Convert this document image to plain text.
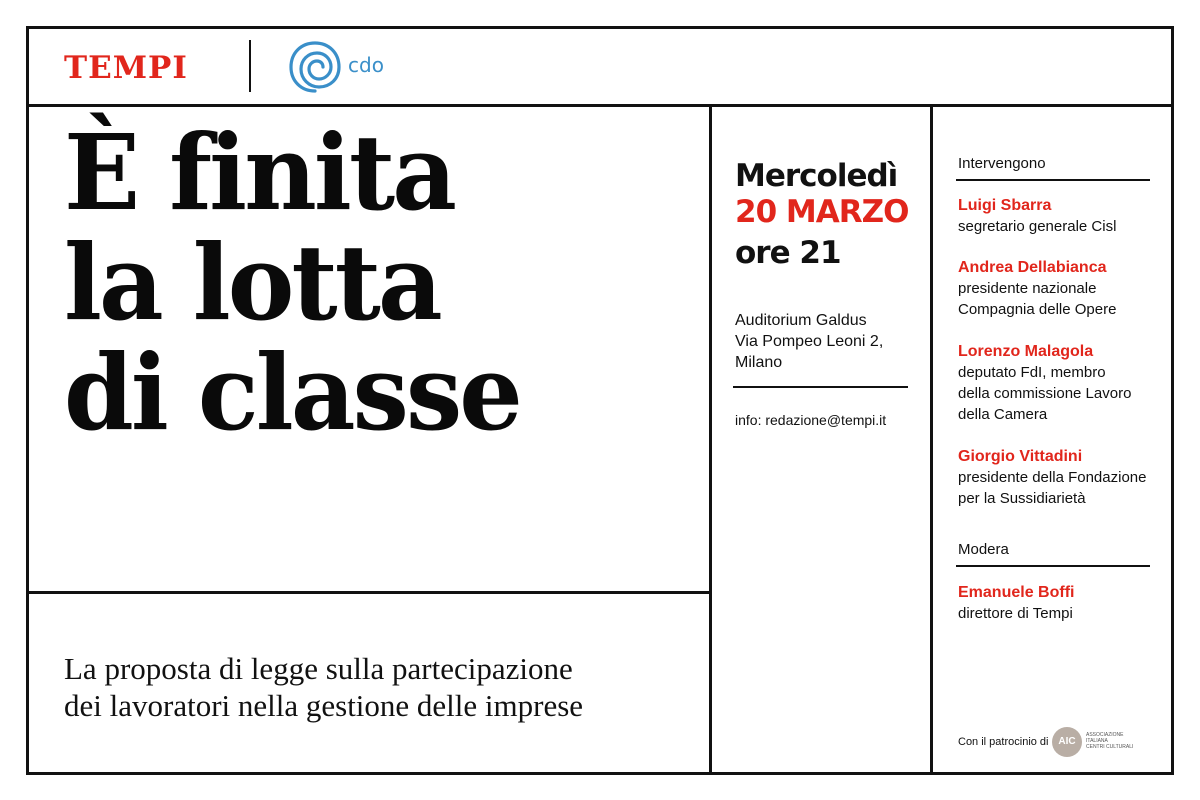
TEMPI	cdo
È finita
la lotta
di classe
La proposta di legge sulla partecipazione
dei lavoratori nella gestione delle imprese
Mercoledì
20 MARZO
ore 21
Auditorium Galdus
Via Pompeo Leoni 2,
Milano
info: redazione@tempi.it
Intervengono
Luigi Sbarra
segretario generale Cisl
Andrea Dellabianca
presidente nazionale
Compagnia delle Opere
Lorenzo Malagola
deputato FdI, membro
della commissione Lavoro
della Camera
Giorgio Vittadini
presidente della Fondazione
per la Sussidiarietà
Modera
Emanuele Boffi
direttore di Tempi
Con il patrocinio di AIC
ASSOCIAZIONE
ITALIANA
CENTRI CULTURALI
